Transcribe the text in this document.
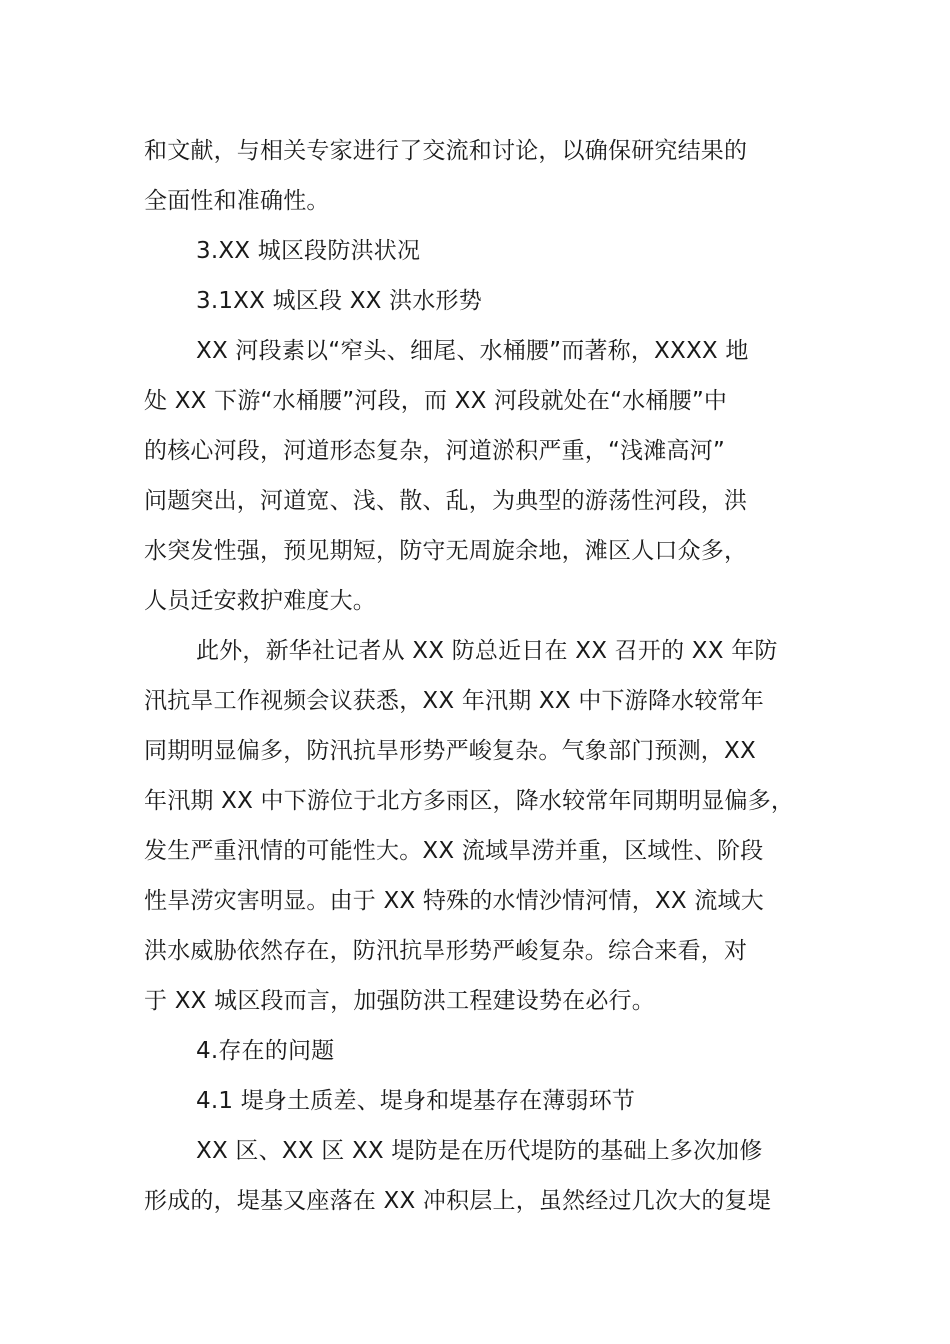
和文献，与相关专家进行了交流和讨论，以确保研究结果的
全面性和准确性。
3.XX 城区段防洪状况
3.1XX 城区段 XX 洪水形势
XX 河段素以“窄头、细尾、水桶腰”而著称，XXXX 地
处 XX 下游“水桶腰”河段，而 XX 河段就处在“水桶腰”中
的核心河段，河道形态复杂，河道淤积严重，“浅滩高河”
问题突出，河道宽、浅、散、乱，为典型的游荡性河段，洪
水突发性强，预见期短，防守无周旋余地，滩区人口众多，
人员迁安救护难度大。
此外，新华社记者从 XX 防总近日在 XX 召开的 XX 年防
汛抗旱工作视频会议获悉，XX 年汛期 XX 中下游降水较常年
同期明显偏多，防汛抗旱形势严峻复杂。气象部门预测，XX
年汛期 XX 中下游位于北方多雨区，降水较常年同期明显偏多，
发生严重汛情的可能性大。XX 流域旱涝并重，区域性、阶段
性旱涝灾害明显。由于 XX 特殊的水情沙情河情，XX 流域大
洪水威胁依然存在，防汛抗旱形势严峻复杂。综合来看，对
于 XX 城区段而言，加强防洪工程建设势在必行。
4.存在的问题
4.1 堤身土质差、堤身和堤基存在薄弱环节
XX 区、XX 区 XX 堤防是在历代堤防的基础上多次加修
形成的，堤基又座落在 XX 冲积层上，虽然经过几次大的复堤
